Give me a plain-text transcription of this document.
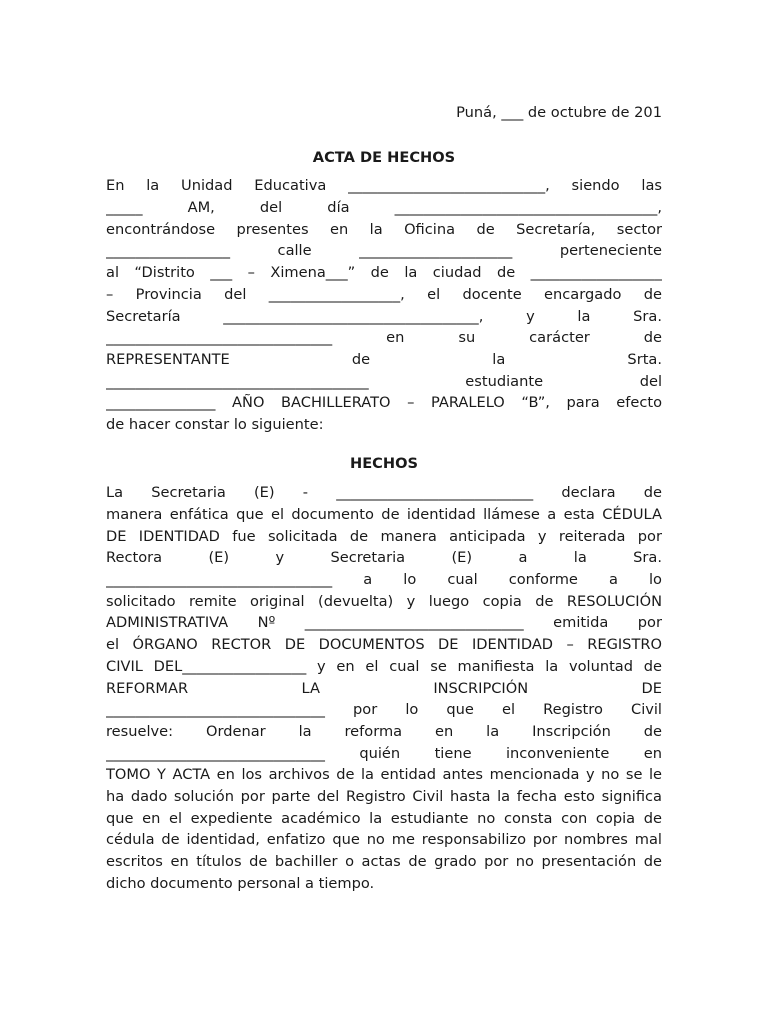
Puná, ___ de octubre de 201

ACTA DE HECHOS

En la Unidad Educativa ___________________________, siendo las
_____ AM, del día ____________________________________,
encontrándose presentes en la Oficina de Secretaría, sector
_________________ calle _____________________ perteneciente
al “Distrito ___ – Ximena___” de la ciudad de __________________
– Provincia del __________________, el docente encargado de
Secretaría ___________________________________, y la Sra.
_______________________________ en su carácter de
REPRESENTANTE de la Srta.
____________________________________ estudiante del
_______________ AÑO BACHILLERATO – PARALELO “B”, para efecto
de hacer constar lo siguiente:

HECHOS

La Secretaria (E) - ___________________________ declara de
manera enfática que el documento de identidad llámese a esta CÉDULA
DE IDENTIDAD fue solicitada de manera anticipada y reiterada por
Rectora (E) y Secretaria (E) a la Sra.
_______________________________ a lo cual conforme a lo
solicitado remite original (devuelta) y luego copia de RESOLUCIÓN
ADMINISTRATIVA Nº ______________________________ emitida por
el ÓRGANO RECTOR DE DOCUMENTOS DE IDENTIDAD – REGISTRO
CIVIL DEL_________________ y en el cual se manifiesta la voluntad de
REFORMAR LA INSCRIPCIÓN DE
______________________________ por lo que el Registro Civil
resuelve: Ordenar la reforma en la Inscripción de
______________________________ quién tiene inconveniente en
TOMO Y ACTA en los archivos de la entidad antes mencionada y no se le
ha dado solución por parte del Registro Civil hasta la fecha esto significa
que en el expediente académico la estudiante no consta con copia de
cédula de identidad, enfatizo que no me responsabilizo por nombres mal
escritos en títulos de bachiller o actas de grado por no presentación de
dicho documento personal a tiempo.
